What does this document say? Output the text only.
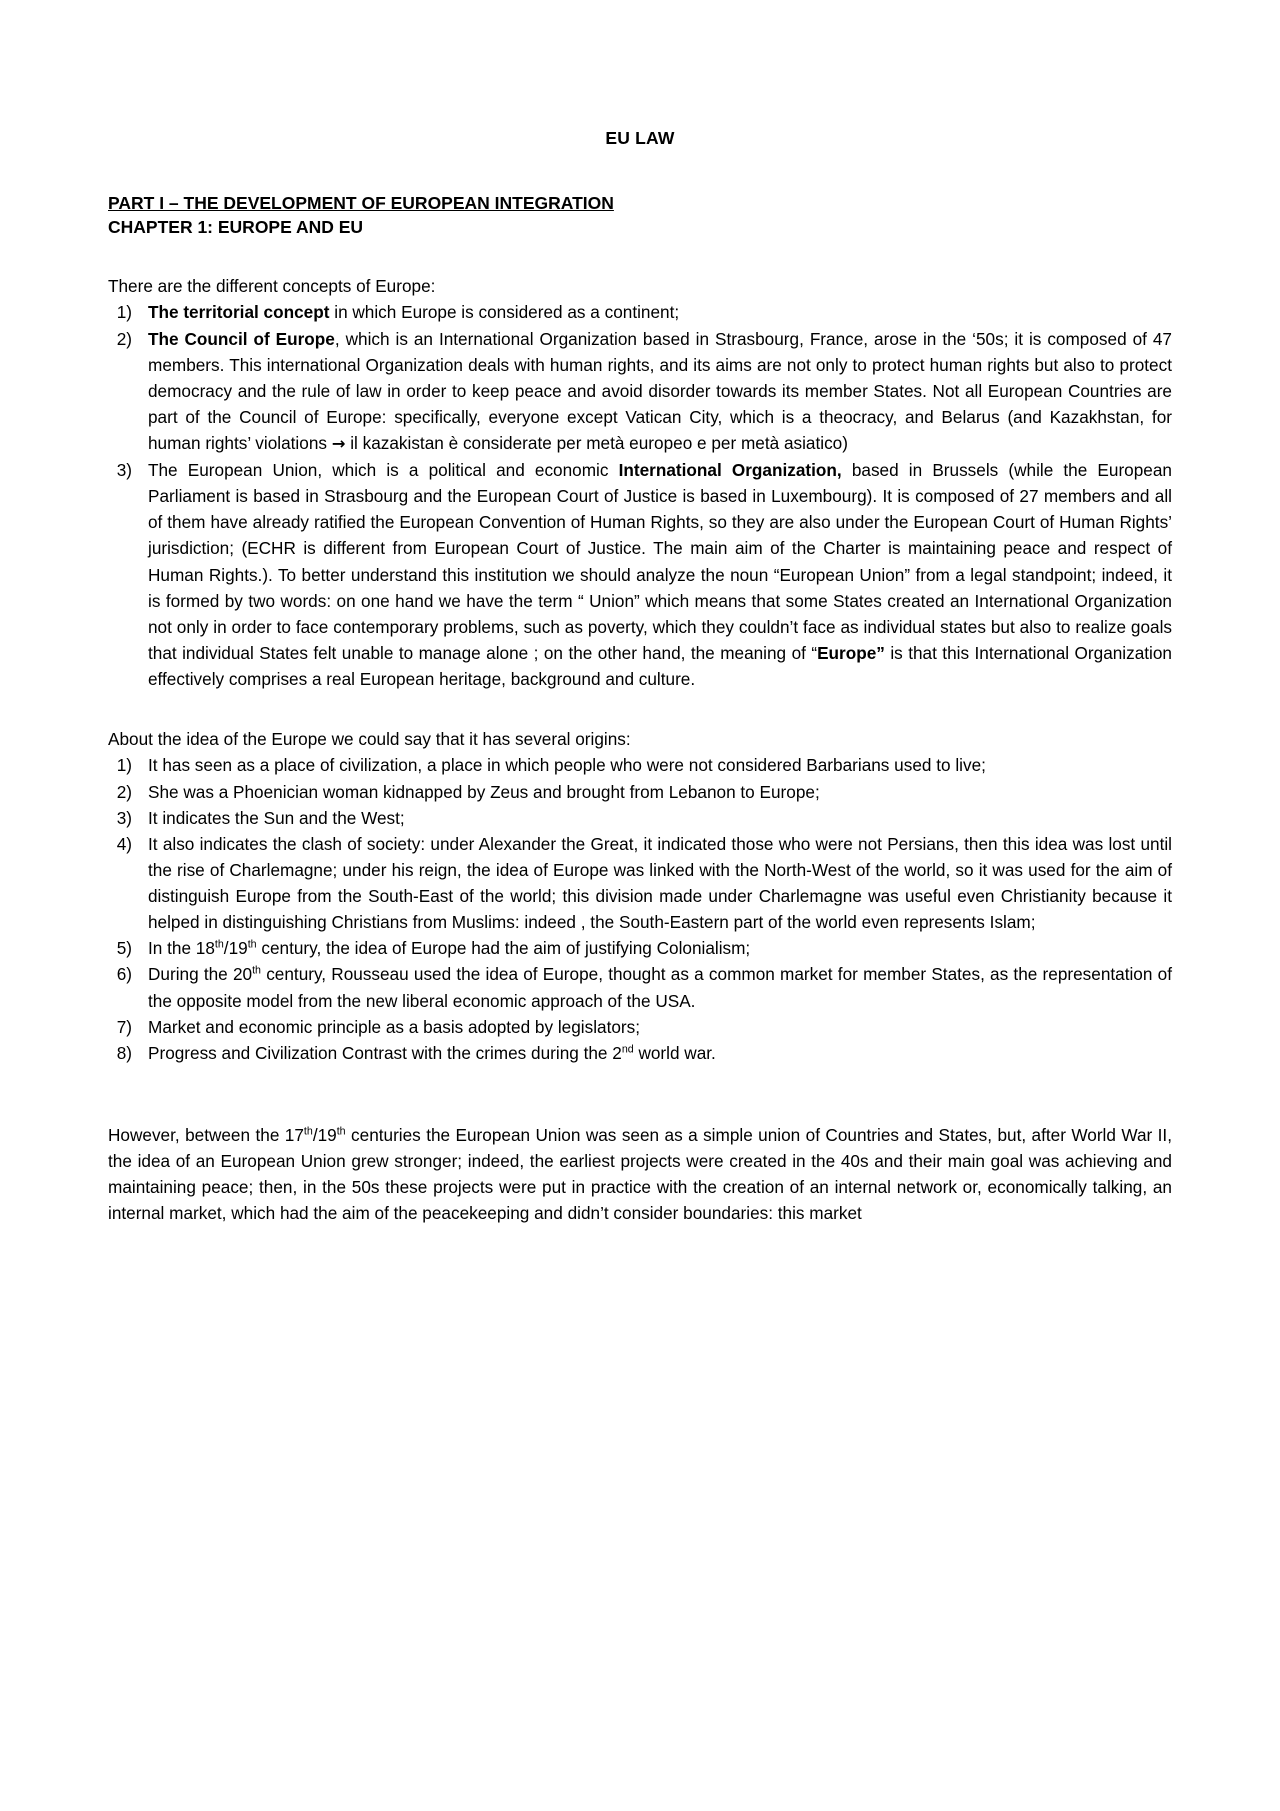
EU LAW
PART I – THE DEVELOPMENT OF EUROPEAN INTEGRATION
CHAPTER 1: EUROPE AND EU
There are the different concepts of Europe:
1) The territorial concept in which Europe is considered as a continent;
2) The Council of Europe, which is an International Organization based in Strasbourg, France, arose in the ‘50s; it is composed of 47 members. This international Organization deals with human rights, and its aims are not only to protect human rights but also to protect democracy and the rule of law in order to keep peace and avoid disorder towards its member States. Not all European Countries are part of the Council of Europe: specifically, everyone except Vatican City, which is a theocracy, and Belarus (and Kazakhstan, for human rights’ violations → il kazakistan è considerate per metà europeo e per metà asiatico)
3) The European Union, which is a political and economic International Organization, based in Brussels (while the European Parliament is based in Strasbourg and the European Court of Justice is based in Luxembourg). It is composed of 27 members and all of them have already ratified the European Convention of Human Rights, so they are also under the European Court of Human Rights’ jurisdiction; (ECHR is different from European Court of Justice. The main aim of the Charter is maintaining peace and respect of Human Rights.). To better understand this institution we should analyze the noun “European Union” from a legal standpoint; indeed, it is formed by two words: on one hand we have the term “ Union” which means that some States created an International Organization not only in order to face contemporary problems, such as poverty, which they couldn’t face as individual states but also to realize goals that individual States felt unable to manage alone ; on the other hand, the meaning of “Europe” is that this International Organization effectively comprises a real European heritage, background and culture.
About the idea of the Europe we could say that it has several origins:
1) It has seen as a place of civilization, a place in which people who were not considered Barbarians used to live;
2) She was a Phoenician woman kidnapped by Zeus and brought from Lebanon to Europe;
3) It indicates the Sun and the West;
4) It also indicates the clash of society: under Alexander the Great, it indicated those who were not Persians, then this idea was lost until the rise of Charlemagne; under his reign, the idea of Europe was linked with the North-West of the world, so it was used for the aim of distinguish Europe from the South-East of the world; this division made under Charlemagne was useful even Christianity because it helped in distinguishing Christians from Muslims: indeed , the South-Eastern part of the world even represents Islam;
5) In the 18th/19th century, the idea of Europe had the aim of justifying Colonialism;
6) During the 20th century, Rousseau used the idea of Europe, thought as a common market for member States, as the representation of the opposite model from the new liberal economic approach of the USA.
7) Market and economic principle as a basis adopted by legislators;
8) Progress and Civilization Contrast with the crimes during the 2nd world war.
However, between the 17th/19th centuries the European Union was seen as a simple union of Countries and States, but, after World War II, the idea of an European Union grew stronger; indeed, the earliest projects were created in the 40s and their main goal was achieving and maintaining peace; then, in the 50s these projects were put in practice with the creation of an internal network or, economically talking, an internal market, which had the aim of the peacekeeping and didn’t consider boundaries: this market
